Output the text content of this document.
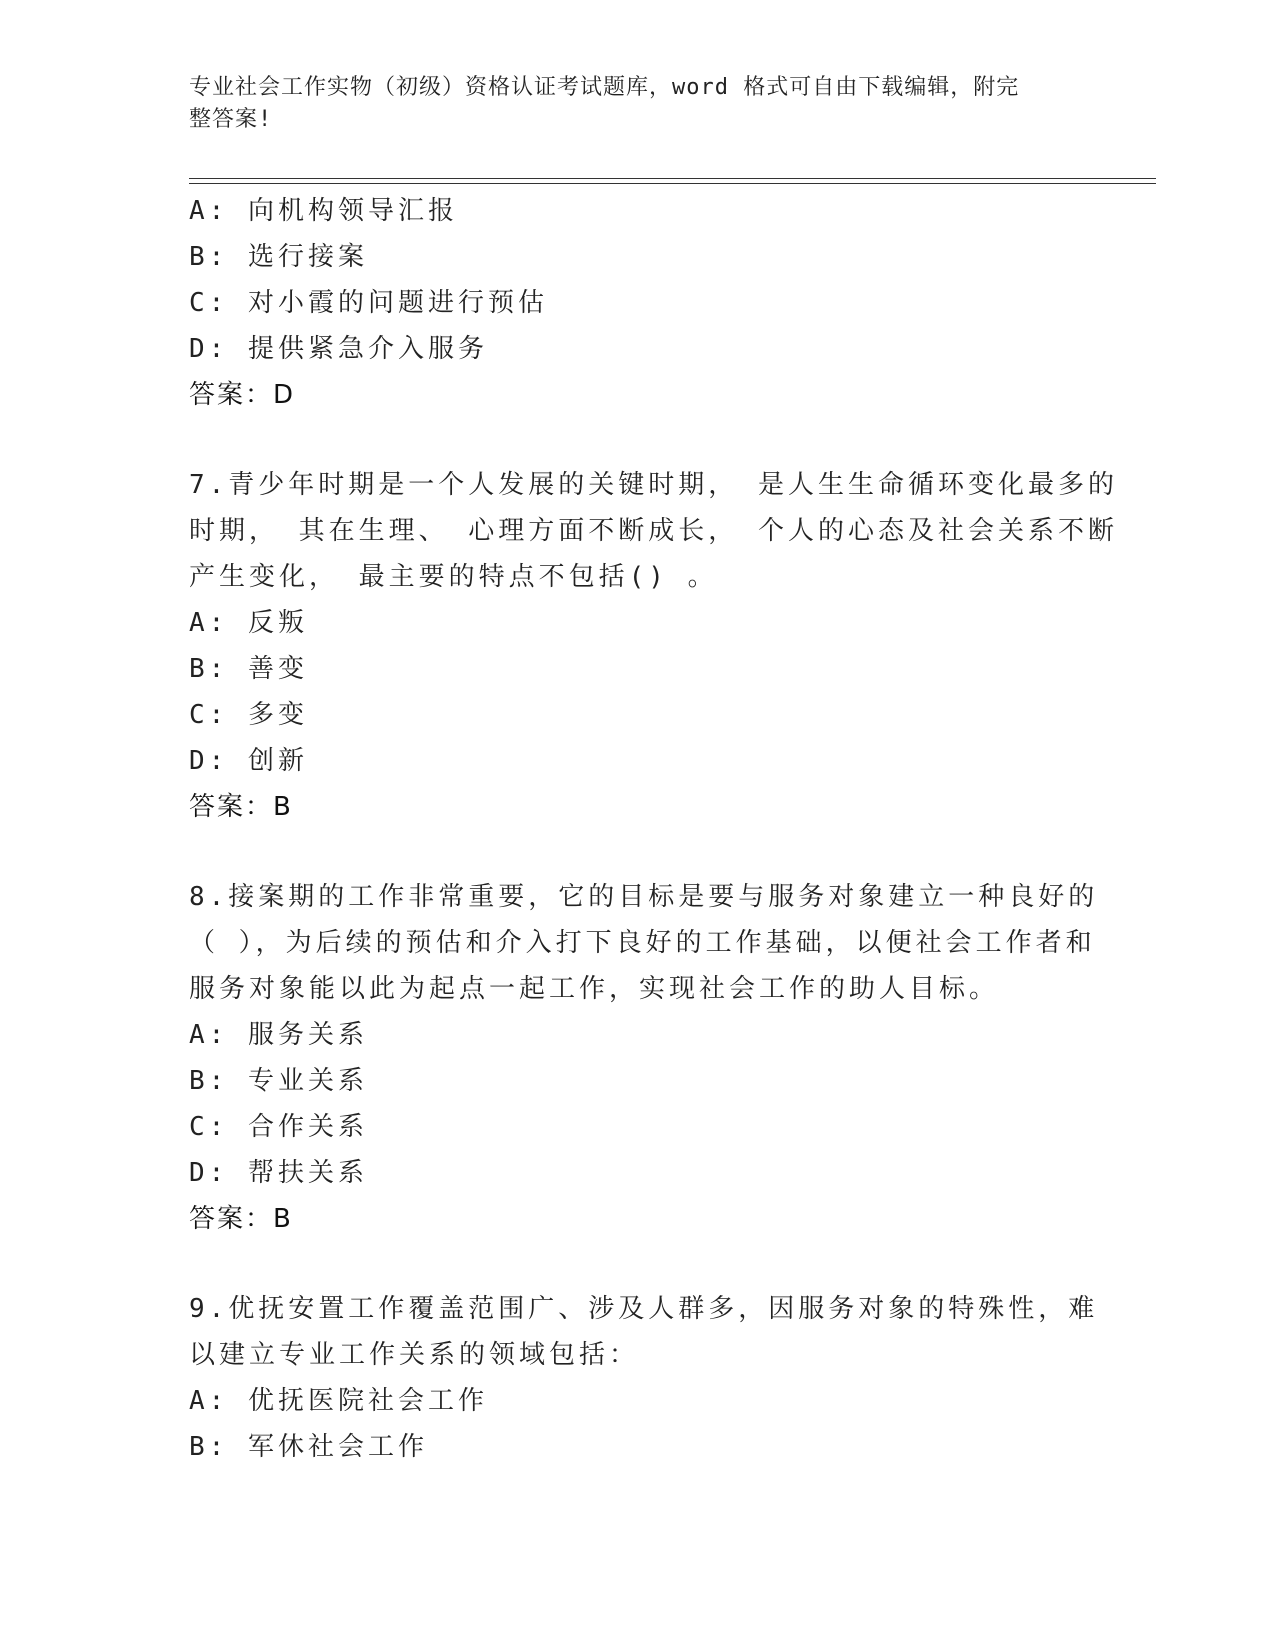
专业社会工作实物（初级）资格认证考试题库，word 格式可自由下载编辑，附完
整答案!
A: 向机构领导汇报
B: 选行接案
C: 对小霞的问题进行预估
D: 提供紧急介入服务
答案：D
7.青少年时期是一个人发展的关键时期， 是人生生命循环变化最多的
时期， 其在生理、 心理方面不断成长， 个人的心态及社会关系不断
产生变化， 最主要的特点不包括() 。
A: 反叛
B: 善变
C: 多变
D: 创新
答案：B
8.接案期的工作非常重要，它的目标是要与服务对象建立一种良好的
（ ），为后续的预估和介入打下良好的工作基础，以便社会工作者和
服务对象能以此为起点一起工作，实现社会工作的助人目标。
A: 服务关系
B: 专业关系
C: 合作关系
D: 帮扶关系
答案：B
9.优抚安置工作覆盖范围广、涉及人群多，因服务对象的特殊性，难
以建立专业工作关系的领域包括：
A: 优抚医院社会工作
B: 军休社会工作
